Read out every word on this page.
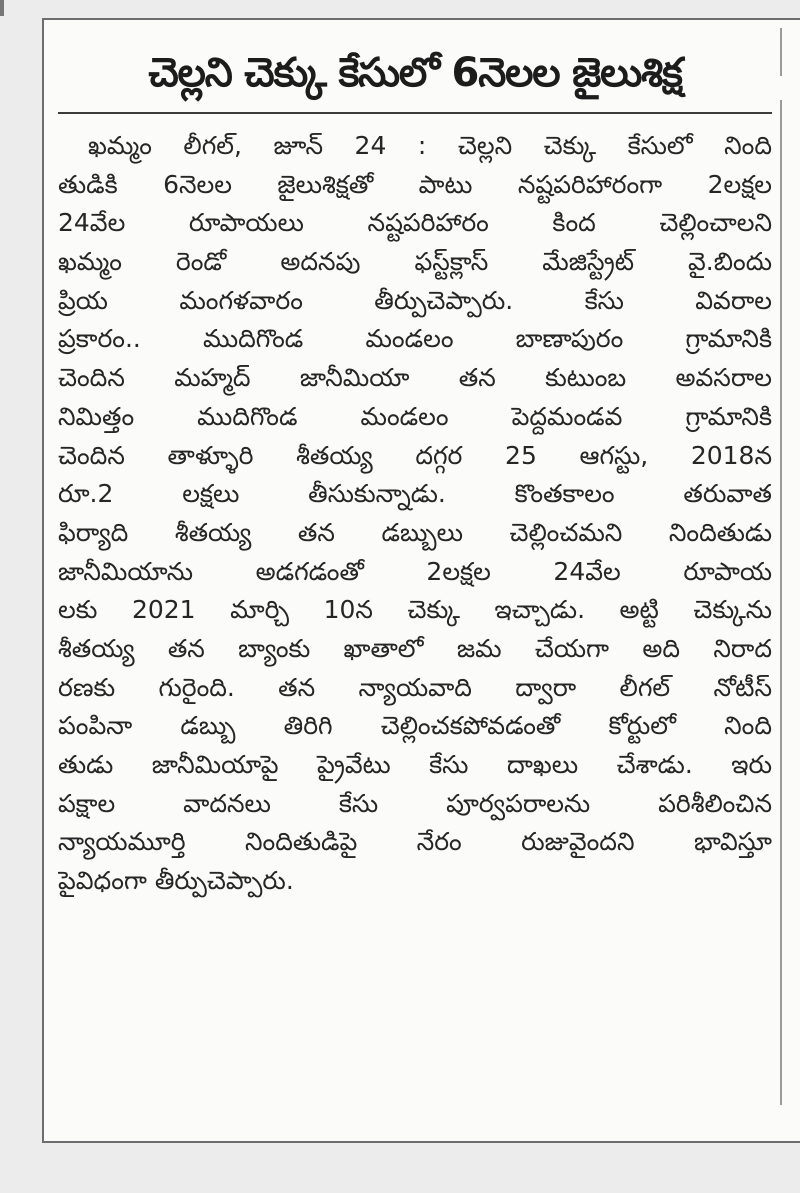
చెల్లని చెక్కు కేసులో 6నెలల జైలుశిక్ష
ఖమ్మం లీగల్, జూన్ 24 : చెల్లని చెక్కు కేసులో నింది
తుడికి 6నెలల జైలుశిక్షతో పాటు నష్టపరిహారంగా 2లక్షల
24వేల రూపాయలు నష్టపరిహారం కింద చెల్లించాలని
ఖమ్మం రెండో అదనపు ఫస్ట్‌క్లాస్ మేజిస్ట్రేట్ వై.బిందు
ప్రియ మంగళవారం తీర్పుచెప్పారు. కేసు వివరాల
ప్రకారం.. ముదిగొండ మండలం బాణాపురం గ్రామానికి
చెందిన మహ్మద్ జానీమియా తన కుటుంబ అవసరాల
నిమిత్తం ముదిగొండ మండలం పెద్దమండవ గ్రామానికి
చెందిన తాళ్ళూరి శీతయ్య దగ్గర 25 ఆగస్టు, 2018న
రూ.2 లక్షలు తీసుకున్నాడు. కొంతకాలం తరువాత
ఫిర్యాది శీతయ్య తన డబ్బులు చెల్లించమని నిందితుడు
జానీమియాను అడగడంతో 2లక్షల 24వేల రూపాయ
లకు 2021 మార్చి 10న చెక్కు ఇచ్చాడు. అట్టి చెక్కును
శీతయ్య తన బ్యాంకు ఖాతాలో జమ చేయగా అది నిరాద
రణకు గురైంది. తన న్యాయవాది ద్వారా లీగల్ నోటీస్
పంపినా డబ్బు తిరిగి చెల్లించకపోవడంతో కోర్టులో నింది
తుడు జానీమియాపై ప్రైవేటు కేసు దాఖలు చేశాడు. ఇరు
పక్షాల వాదనలు కేసు పూర్వపరాలను పరిశీలించిన
న్యాయమూర్తి నిందితుడిపై నేరం రుజువైందని భావిస్తూ
పైవిధంగా తీర్పుచెప్పారు.
